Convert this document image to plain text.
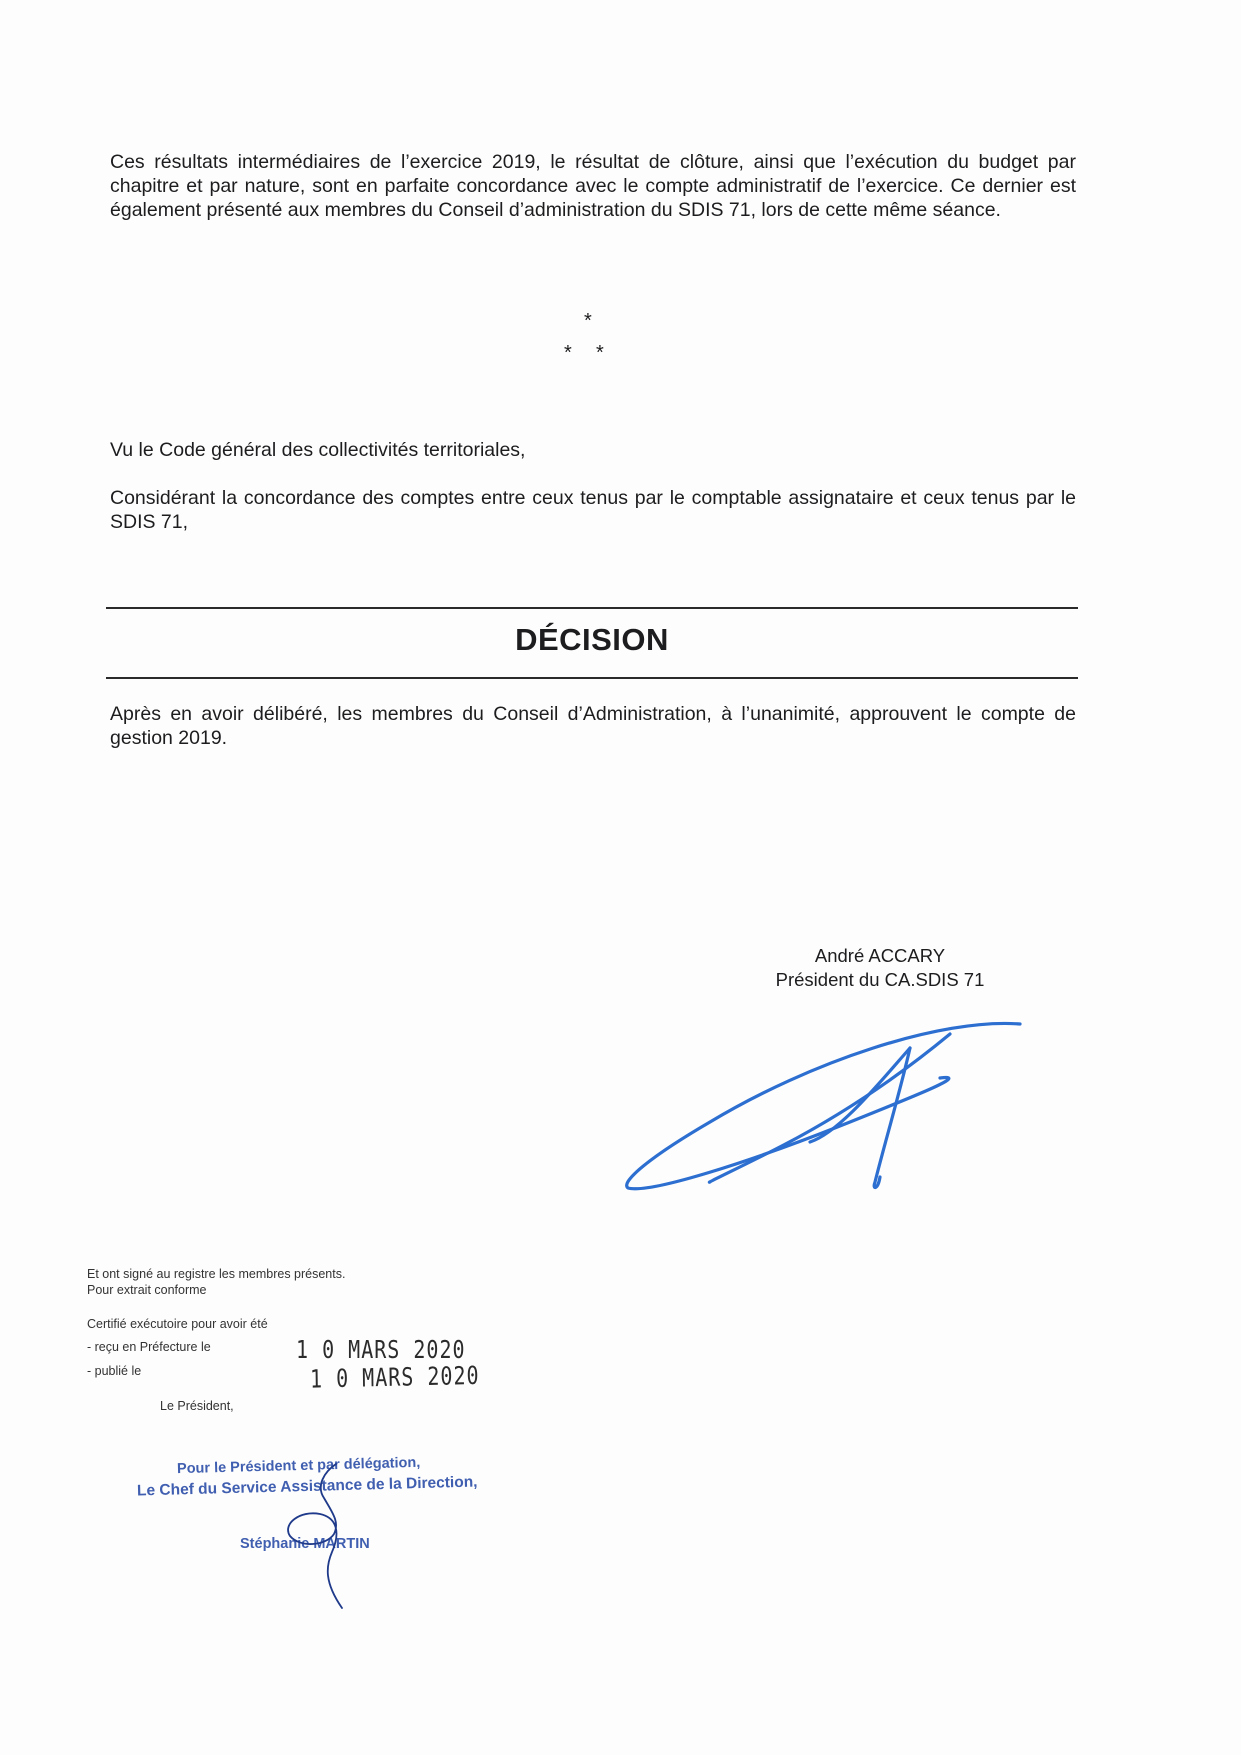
Ces résultats intermédiaires de l’exercice 2019, le résultat de clôture, ainsi que l’exécution du budget par chapitre et par nature, sont en parfaite concordance avec le compte administratif de l’exercice. Ce dernier est également présenté aux membres du Conseil d’administration du SDIS 71, lors de cette même séance.

*
* *

Vu le Code général des collectivités territoriales,

Considérant la concordance des comptes entre ceux tenus par le comptable assignataire et ceux tenus par le SDIS 71,

DÉCISION

Après en avoir délibéré, les membres du Conseil d’Administration, à l’unanimité, approuvent le compte de gestion 2019.

André ACCARY
Président du CA.SDIS 71
Et ont signé au registre les membres présents.
Pour extrait conforme
Certifié exécutoire pour avoir été
- reçu en Préfecture le
- publié le
Le Président,
1 0 MARS 2020
1 0 MARS 2020
Pour le Président et par délégation,
Le Chef du Service Assistance de la Direction,
Stéphanie MARTIN
